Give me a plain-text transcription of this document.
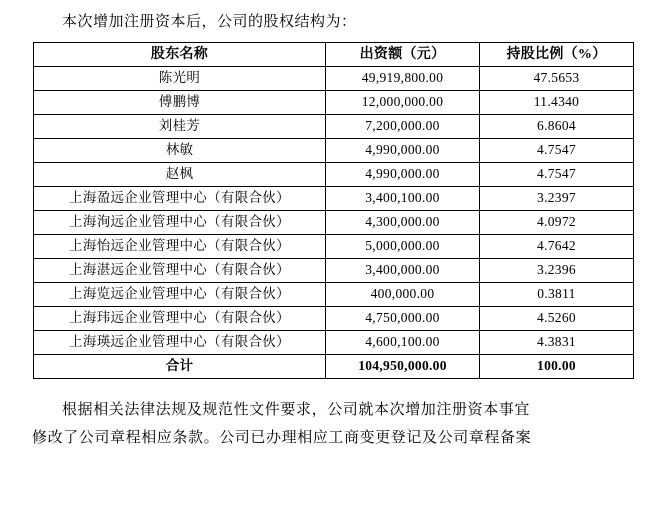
本次增加注册资本后，公司的股权结构为：

股东名称	出资额（元）	持股比例（%）
陈光明	49,919,800.00	47.5653
傅鹏博	12,000,000.00	11.4340
刘桂芳	7,200,000.00	6.8604
林敏	4,990,000.00	4.7547
赵枫	4,990,000.00	4.7547
上海盈远企业管理中心（有限合伙）	3,400,100.00	3.2397
上海洵远企业管理中心（有限合伙）	4,300,000.00	4.0972
上海怡远企业管理中心（有限合伙）	5,000,000.00	4.7642
上海湛远企业管理中心（有限合伙）	3,400,000.00	3.2396
上海览远企业管理中心（有限合伙）	400,000.00	0.3811
上海玮远企业管理中心（有限合伙）	4,750,000.00	4.5260
上海瑛远企业管理中心（有限合伙）	4,600,100.00	4.3831
合计	104,950,000.00	100.00

根据相关法律法规及规范性文件要求，公司就本次增加注册资本事宜

修改了公司章程相应条款。公司已办理相应工商变更登记及公司章程备案
